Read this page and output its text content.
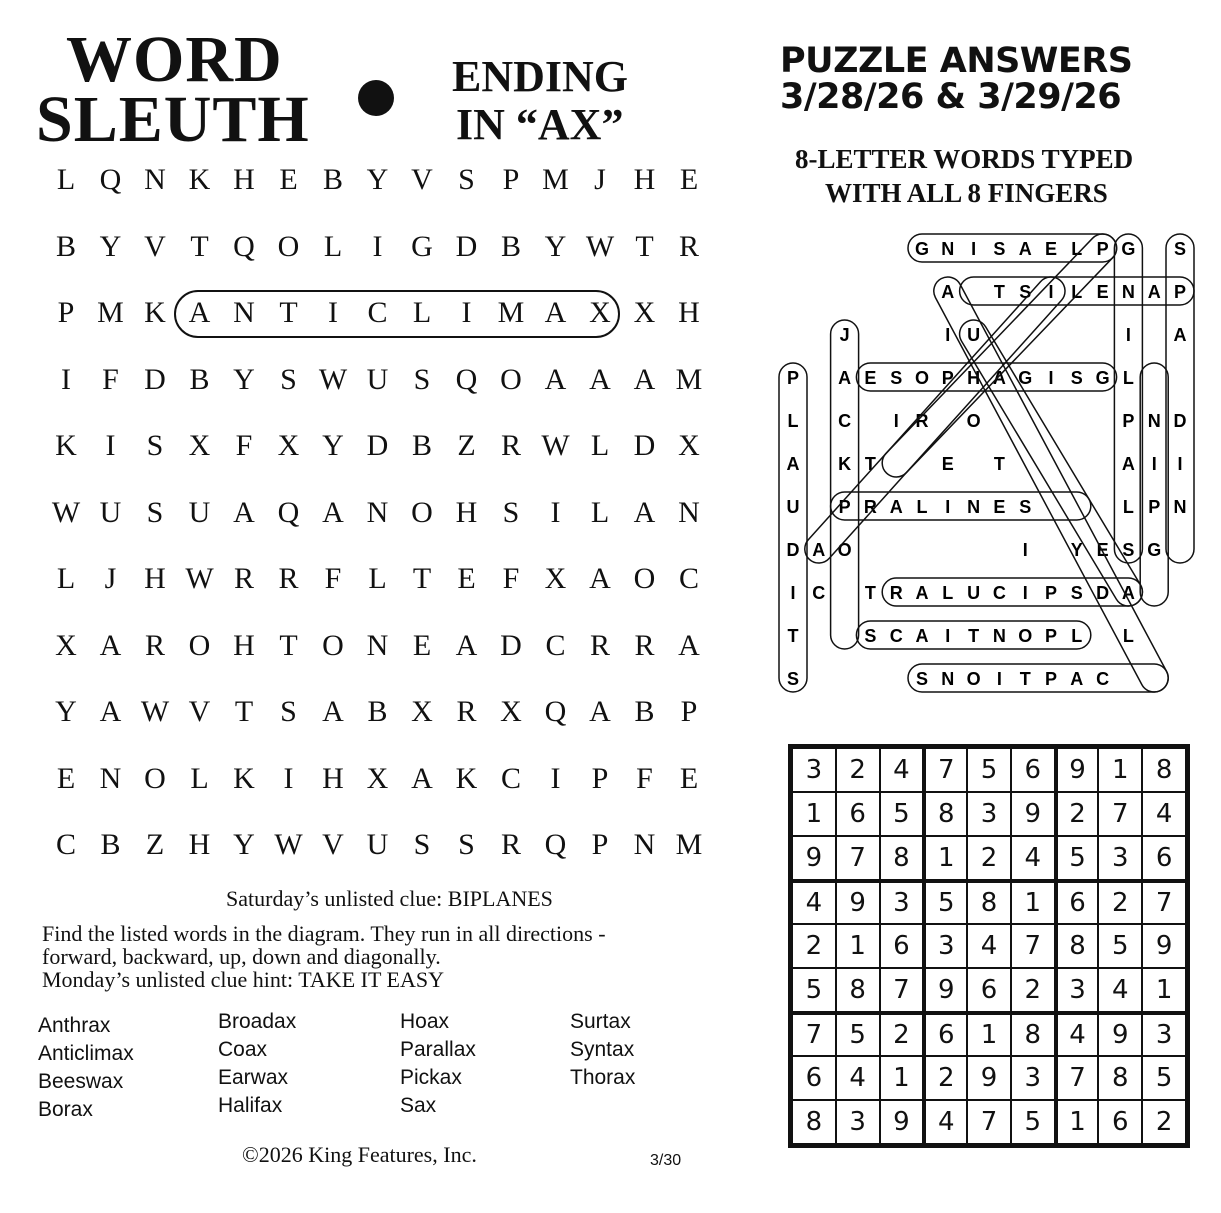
WORD
SLEUTH
ENDING
IN “AX”
L Q N K H E B Y V S P M J H E
B Y V T Q O L	I G D B Y W T R
P M K A N T	I C L	I M A X X H
I	F D B Y S W U S Q O A A A M
K I	S X F X Y D B Z R W L D X
W U S U A Q A N O H S	I	L A N
L J H W R R F L T E F X A O C
X A R O H T O N E A D C R R A
Y A W V T S A B X R X Q A B P
E N O L K I H X A K C I	P F E
C B Z H Y W V U S S R Q P N M
Saturday’s unlisted clue: BIPLANES
Find the listed words in the diagram. They run in all directions -
forward, backward, up, down and diagonally.
Monday’s unlisted clue hint: TAKE IT EASY
Anthrax
Anticlimax
Beeswax
Borax
Broadax
Coax
Earwax
Halifax
Hoax
Parallax
Pickax
Sax
Surtax
Syntax
Thorax
©2026 King Features, Inc.	3/30
PUZZLE ANSWERS
3/28/26 & 3/29/26
8-LETTER WORDS TYPED
WITH ALL 8 FINGERS
G N I S A E L P G S
A T S I L E N A P
J	I U	I A
P A E S O P H A G I S G L
L C I R O	P N D
A K T	E T	A I I
U P R A L I N E S	L P N
D A O	I Y E S G
I C T R A L U C I P S D A
T	S C A I T N O P L L
S	S N O I T P A C
3	2	4	7	5	6	9	1	8
1	6	5	8	3	9	2	7	4
9	7	8	1	2	4	5	3	6
4	9	3	5	8	1	6	2	7
2	1	6	3	4	7	8	5	9
5	8	7	9	6	2	3	4	1
7	5	2	6	1	8	4	9	3
6	4	1	2	9	3	7	8	5
8	3	9	4	7	5	1	6	2
